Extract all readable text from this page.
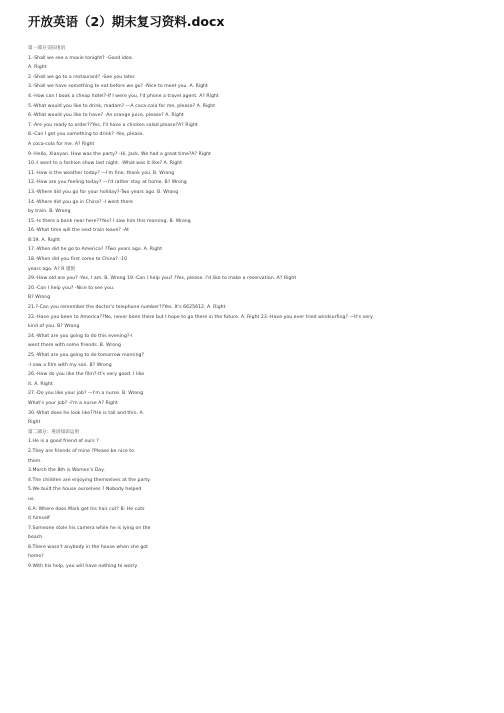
开放英语（2）期末复习资料.docx
第一部分交际用语
1.-Shall we see a movie tonight? -Good idea.
A. Right
2.-Shall we go to a restaurant? -See you later.
3.-Shall we have something to eat before we go? -Nice to meet you. A. Right
4.-How can I book a cheap hotel?-If I were you, I'd phone a travel agent. A? Right
5.-What would you like to drink, madam? —A coca-cola for me, please? A. Right
6.-What would you like to have? -An orange juice, please? A. Right
7.-Are you ready to order??Yes, I'll have a chicken salad please?A? Right
8.-Can I get you something to drink? -Yes, please.
A coca-cola for me. A? Right
9.-Hello, Xiaoyan. How was the party? -Hi, Jack. We had a great time?A? Right
10.-I went to a fashion show last night. -What was it like? A. Right
11.-How is the weather today? —I'm fine, thank you. B. Wrong
12.-How are you feeling today? —I'd rather stay at home. B? Wrong
13.-Where did you go for your holiday?-Two years ago. B. Wrong
14.-Where did you go in China? -I went there
by train. B. Wrong
15.-Is there a bank near here??Yes? I saw him this morning. B. Wrong
16.-What time will the next train leave? -At
8:19. A. Right
17.-When did he go to America? ?Two years ago. A. Right
18.-When did you first come to China? -10
years ago. A? R 错的
29.-How old are you? -Yes, I am. B. Wrong 19.-Can I help you? ?Yes, please. I'd like to make a reservation. A? Right
20.-Can I help you? -Nice to see you.
B? Wrong
21.?-Can you remember the doctor's telephone number??Yes. It's 6625612. A. Right
22.-Have you been to America??No, never been there but I hope to go there in the future. A. Right 23.-Have you ever tried windsurfing? —It's very
kind of you. B? Wrong
24.-What are you going to do this evening?-I
went there with some friends. B. Wrong
25.-What are you going to do tomorrow morning?
-I saw a film with my son. B? Wrong
26.-How do you like the film?-It's very good. I like
it. A. Right
27.-Do you like your job? —I'm a nurse. B. Wrong
What's your job? -I'm a nurse A? Right
30.-What does he look like??He is tall and thin. A.
Right
第二部分：英语知识运用
1.He is a good friend of ours ?
2.They are friends of mine ?Please be nice to
them.
3.March the 8th is Women's Day.
4.The children are enjoying themselves at the party.
5.We built the house ourselves ? Nobody helped
us.
6.A: Where does Mark get his hair cut? B: He cuts
it himself
7.Someone stole his camera while he is lying on the
beach.
8.There wasn't anybody in the house when she got
home?
9.With his help, you will have nothing to worry
